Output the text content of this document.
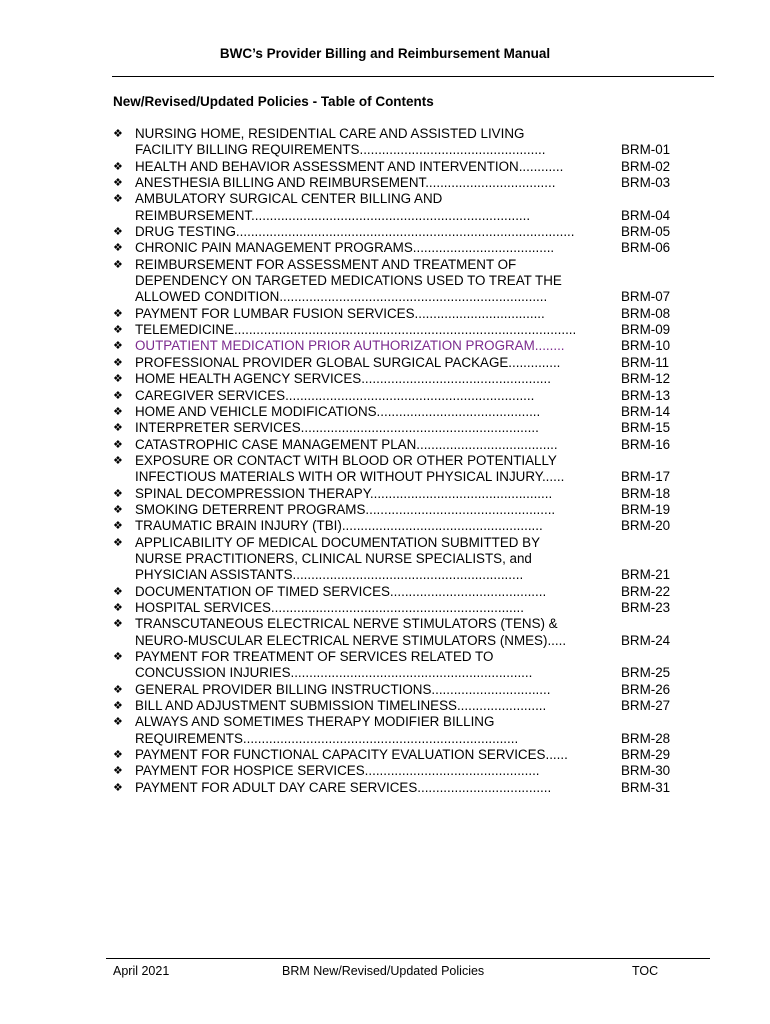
BWC’s Provider Billing and Reimbursement Manual
New/Revised/Updated Policies - Table of Contents
❖ NURSING HOME, RESIDENTIAL CARE AND ASSISTED LIVING
FACILITY BILLING REQUIREMENTS..................................................	BRM-01
❖ HEALTH AND BEHAVIOR ASSESSMENT AND INTERVENTION............	BRM-02
❖ ANESTHESIA BILLING AND REIMBURSEMENT...................................	BRM-03
❖ AMBULATORY SURGICAL CENTER BILLING AND
REIMBURSEMENT...........................................................................	BRM-04
❖ DRUG TESTING...........................................................................................	BRM-05
❖ CHRONIC PAIN MANAGEMENT PROGRAMS......................................	BRM-06
❖ REIMBURSEMENT FOR ASSESSMENT AND TREATMENT OF
DEPENDENCY ON TARGETED MEDICATIONS USED TO TREAT THE
ALLOWED CONDITION........................................................................	BRM-07
❖ PAYMENT FOR LUMBAR FUSION SERVICES...................................	BRM-08
❖ TELEMEDICINE............................................................................................	BRM-09
❖ OUTPATIENT MEDICATION PRIOR AUTHORIZATION PROGRAM........	BRM-10
❖ PROFESSIONAL PROVIDER GLOBAL SURGICAL PACKAGE..............	BRM-11
❖ HOME HEALTH AGENCY SERVICES...................................................	BRM-12
❖ CAREGIVER SERVICES...................................................................	BRM-13
❖ HOME AND VEHICLE MODIFICATIONS............................................	BRM-14
❖ INTERPRETER SERVICES................................................................	BRM-15
❖ CATASTROPHIC CASE MANAGEMENT PLAN......................................	BRM-16
❖ EXPOSURE OR CONTACT WITH BLOOD OR OTHER POTENTIALLY
INFECTIOUS MATERIALS WITH OR WITHOUT PHYSICAL INJURY......	BRM-17
❖ SPINAL DECOMPRESSION THERAPY.................................................	BRM-18
❖ SMOKING DETERRENT PROGRAMS...................................................	BRM-19
❖ TRAUMATIC BRAIN INJURY (TBI)......................................................	BRM-20
❖ APPLICABILITY OF MEDICAL DOCUMENTATION SUBMITTED BY
NURSE PRACTITIONERS, CLINICAL NURSE SPECIALISTS, and
PHYSICIAN ASSISTANTS..............................................................	BRM-21
❖ DOCUMENTATION OF TIMED SERVICES..........................................	BRM-22
❖ HOSPITAL SERVICES....................................................................	BRM-23
❖ TRANSCUTANEOUS ELECTRICAL NERVE STIMULATORS (TENS) &
NEURO-MUSCULAR ELECTRICAL NERVE STIMULATORS (NMES).....	BRM-24
❖ PAYMENT FOR TREATMENT OF SERVICES RELATED TO
CONCUSSION INJURIES.................................................................	BRM-25
❖ GENERAL PROVIDER BILLING INSTRUCTIONS................................	BRM-26
❖ BILL AND ADJUSTMENT SUBMISSION TIMELINESS........................	BRM-27
❖ ALWAYS AND SOMETIMES THERAPY MODIFIER BILLING
REQUIREMENTS..........................................................................	BRM-28
❖ PAYMENT FOR FUNCTIONAL CAPACITY EVALUATION SERVICES......	BRM-29
❖ PAYMENT FOR HOSPICE SERVICES...............................................	BRM-30
❖ PAYMENT FOR ADULT DAY CARE SERVICES....................................	BRM-31
April 2021	BRM New/Revised/Updated Policies	TOC
